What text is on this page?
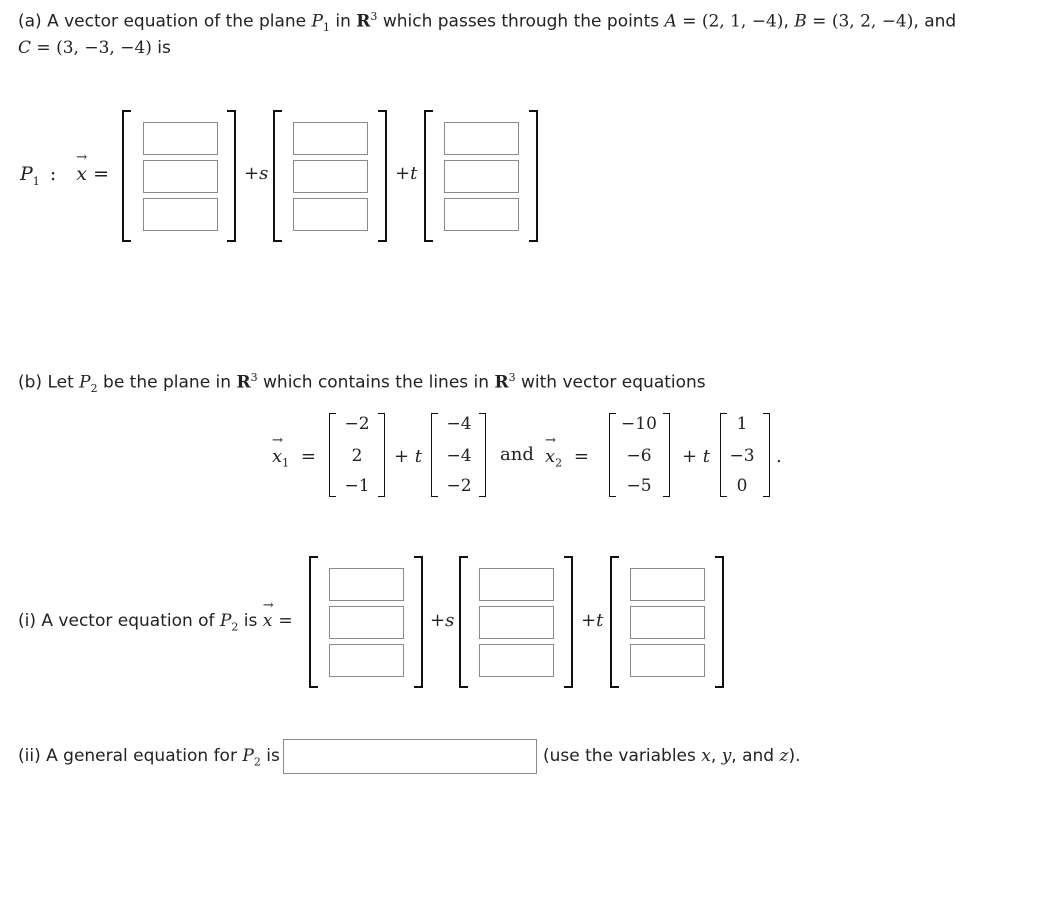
(a) A vector equation of the plane $P_1$ in $R^3$ which passes through the points A = (2, 1, −4), B = (3, 2, −4), and
C = (3, −3, −4) is
$P_1$ : → x =	+s	+t
(b) Let $P_2$ be the plane in $R^3$ which contains the lines in $R^3$ with vector equations
→ $x_1$ =
−2
2
−1
+ t
−4
−4
−2
and → $x_2$ =
−10
−6
−5
+ t
1
−3
0
.
(i) A vector equation of $P_2$ is → x =	+s	+t
(ii) A general equation for $P_2$ is	(use the variables x, y, and z).
